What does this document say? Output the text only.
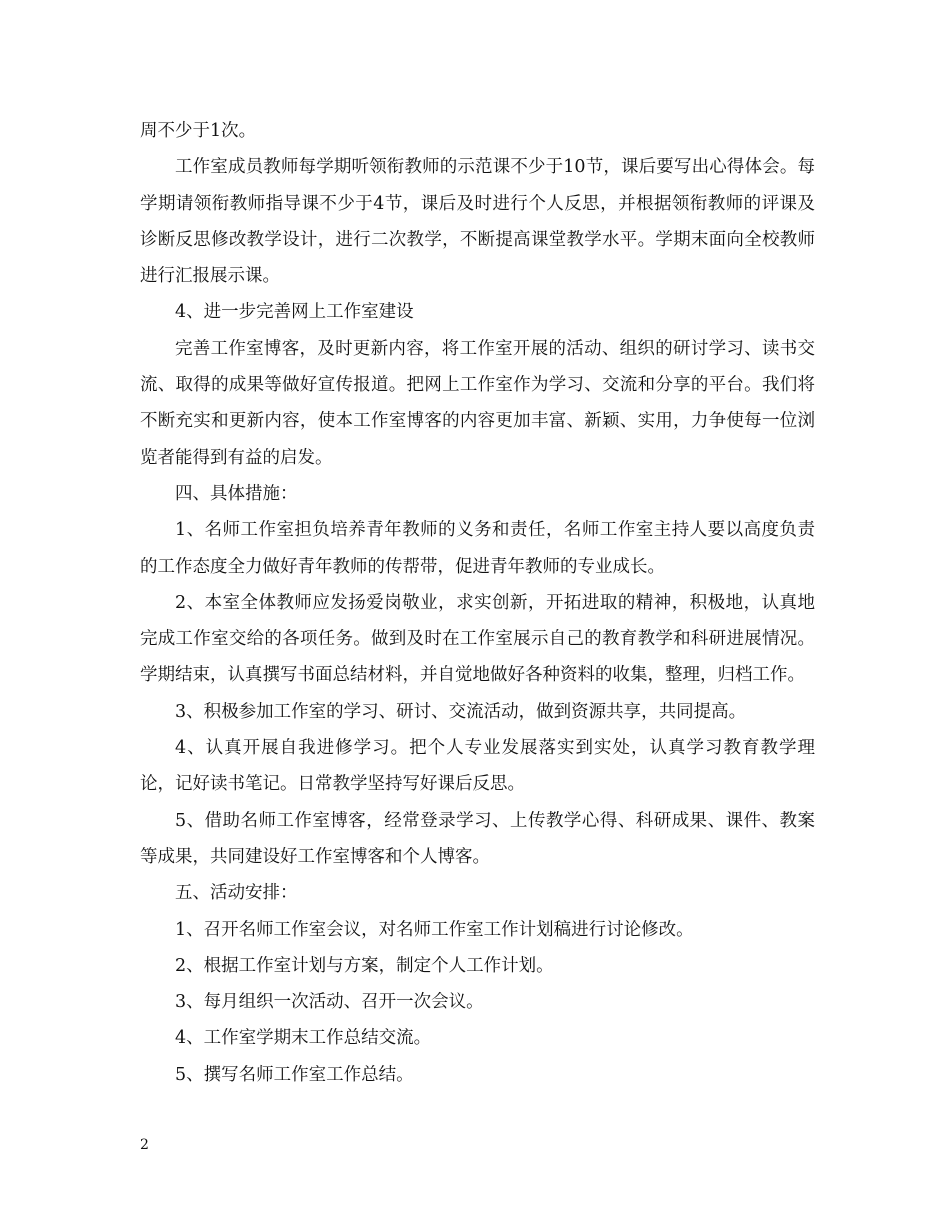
周不少于1次。

工作室成员教师每学期听领衔教师的示范课不少于10节，课后要写出心得体会。每学期请领衔教师指导课不少于4节，课后及时进行个人反思，并根据领衔教师的评课及诊断反思修改教学设计，进行二次教学，不断提高课堂教学水平。学期末面向全校教师进行汇报展示课。

4、进一步完善网上工作室建设

完善工作室博客，及时更新内容，将工作室开展的活动、组织的研讨学习、读书交流、取得的成果等做好宣传报道。把网上工作室作为学习、交流和分享的平台。我们将不断充实和更新内容，使本工作室博客的内容更加丰富、新颖、实用，力争使每一位浏览者能得到有益的启发。

四、具体措施：

1、名师工作室担负培养青年教师的义务和责任，名师工作室主持人要以高度负责的工作态度全力做好青年教师的传帮带，促进青年教师的专业成长。

2、本室全体教师应发扬爱岗敬业，求实创新，开拓进取的精神，积极地，认真地完成工作室交给的各项任务。做到及时在工作室展示自己的教育教学和科研进展情况。学期结束，认真撰写书面总结材料，并自觉地做好各种资料的收集，整理，归档工作。

3、积极参加工作室的学习、研讨、交流活动，做到资源共享，共同提高。

4、认真开展自我进修学习。把个人专业发展落实到实处，认真学习教育教学理论，记好读书笔记。日常教学坚持写好课后反思。

5、借助名师工作室博客，经常登录学习、上传教学心得、科研成果、课件、教案等成果，共同建设好工作室博客和个人博客。

五、活动安排：

1、召开名师工作室会议，对名师工作室工作计划稿进行讨论修改。

2、根据工作室计划与方案，制定个人工作计划。

3、每月组织一次活动、召开一次会议。

4、工作室学期末工作总结交流。

5、撰写名师工作室工作总结。

2
